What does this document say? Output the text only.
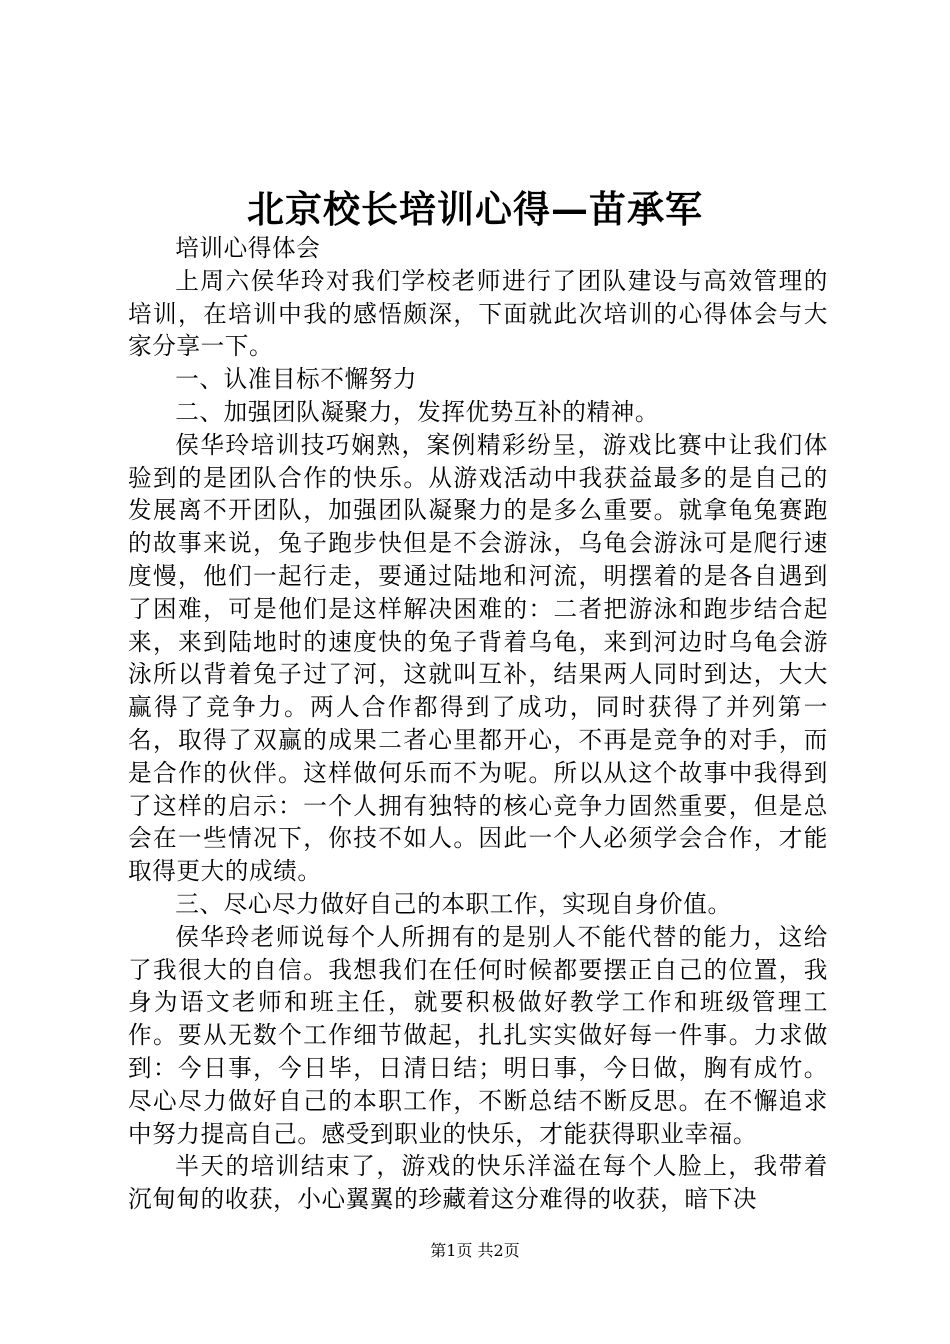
北京校长培训心得—苗承军

培训心得体会

上周六侯华玲对我们学校老师进行了团队建设与高效管理的培训，在培训中我的感悟颇深，下面就此次培训的心得体会与大家分享一下。

一、认准目标不懈努力

二、加强团队凝聚力，发挥优势互补的精神。

侯华玲培训技巧娴熟，案例精彩纷呈，游戏比赛中让我们体验到的是团队合作的快乐。从游戏活动中我获益最多的是自己的发展离不开团队，加强团队凝聚力的是多么重要。就拿龟兔赛跑的故事来说，兔子跑步快但是不会游泳，乌龟会游泳可是爬行速度慢，他们一起行走，要通过陆地和河流，明摆着的是各自遇到了困难，可是他们是这样解决困难的：二者把游泳和跑步结合起来，来到陆地时的速度快的兔子背着乌龟，来到河边时乌龟会游泳所以背着兔子过了河，这就叫互补，结果两人同时到达，大大赢得了竞争力。两人合作都得到了成功，同时获得了并列第一名，取得了双赢的成果二者心里都开心，不再是竞争的对手，而是合作的伙伴。这样做何乐而不为呢。所以从这个故事中我得到了这样的启示：一个人拥有独特的核心竞争力固然重要，但是总会在一些情况下，你技不如人。因此一个人必须学会合作，才能取得更大的成绩。

三、尽心尽力做好自己的本职工作，实现自身价值。

侯华玲老师说每个人所拥有的是别人不能代替的能力，这给了我很大的自信。我想我们在任何时候都要摆正自己的位置，我身为语文老师和班主任，就要积极做好教学工作和班级管理工作。要从无数个工作细节做起，扎扎实实做好每一件事。力求做到：今日事，今日毕，日清日结；明日事，今日做，胸有成竹。尽心尽力做好自己的本职工作，不断总结不断反思。在不懈追求中努力提高自己。感受到职业的快乐，才能获得职业幸福。

半天的培训结束了，游戏的快乐洋溢在每个人脸上，我带着沉甸甸的收获，小心翼翼的珍藏着这分难得的收获，暗下决

第1页 共2页
